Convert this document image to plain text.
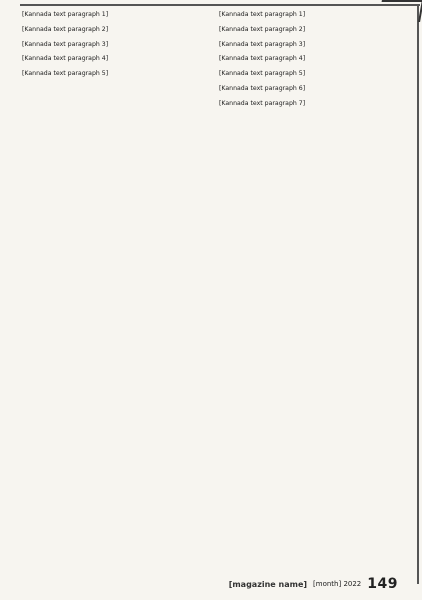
[Kannada text paragraph 1]

[Kannada text paragraph 2]

[Kannada text paragraph 3]

[Kannada text paragraph 4]

[Kannada text paragraph 5]

[Kannada text paragraph 1]

[Kannada text paragraph 2]

[Kannada text paragraph 3]

[Kannada text paragraph 4]

[Kannada text paragraph 5]

[Kannada text paragraph 6]

[Kannada text paragraph 7]

[magazine name] [month] 2022 149
